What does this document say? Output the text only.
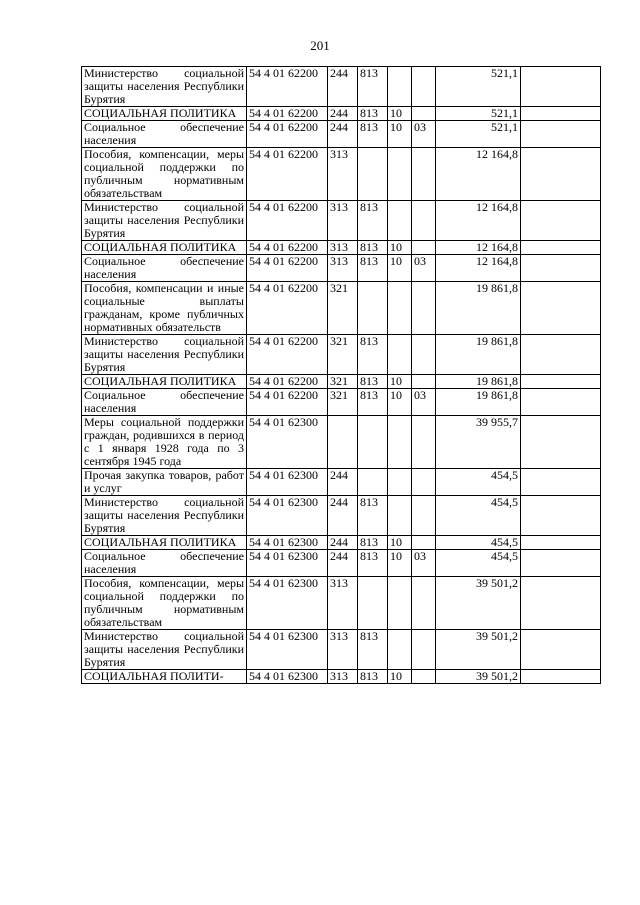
201
Министерство социальной защиты населения Республики Бурятия	54 4 01 62200	244	813			521,1	
СОЦИАЛЬНАЯ ПОЛИТИКА	54 4 01 62200	244	813	10		521,1	
Социальное обеспечение населения	54 4 01 62200	244	813	10	03	521,1	
Пособия, компенсации, меры социальной поддержки по публичным нормативным обязательствам	54 4 01 62200	313				12 164,8	
Министерство социальной защиты населения Республики Бурятия	54 4 01 62200	313	813			12 164,8	
СОЦИАЛЬНАЯ ПОЛИТИКА	54 4 01 62200	313	813	10		12 164,8	
Социальное обеспечение населения	54 4 01 62200	313	813	10	03	12 164,8	
Пособия, компенсации и иные социальные выплаты гражданам, кроме публичных нормативных обязательств	54 4 01 62200	321				19 861,8	
Министерство социальной защиты населения Республики Бурятия	54 4 01 62200	321	813			19 861,8	
СОЦИАЛЬНАЯ ПОЛИТИКА	54 4 01 62200	321	813	10		19 861,8	
Социальное обеспечение населения	54 4 01 62200	321	813	10	03	19 861,8	
Меры социальной поддержки граждан, родившихся в период с 1 января 1928 года по 3 сентября 1945 года	54 4 01 62300					39 955,7	
Прочая закупка товаров, работ и услуг	54 4 01 62300	244				454,5	
Министерство социальной защиты населения Республики Бурятия	54 4 01 62300	244	813			454,5	
СОЦИАЛЬНАЯ ПОЛИТИКА	54 4 01 62300	244	813	10		454,5	
Социальное обеспечение населения	54 4 01 62300	244	813	10	03	454,5	
Пособия, компенсации, меры социальной поддержки по публичным нормативным обязательствам	54 4 01 62300	313				39 501,2	
Министерство социальной защиты населения Республики Бурятия	54 4 01 62300	313	813			39 501,2	
СОЦИАЛЬНАЯ ПОЛИТИ-	54 4 01 62300	313	813	10		39 501,2	
